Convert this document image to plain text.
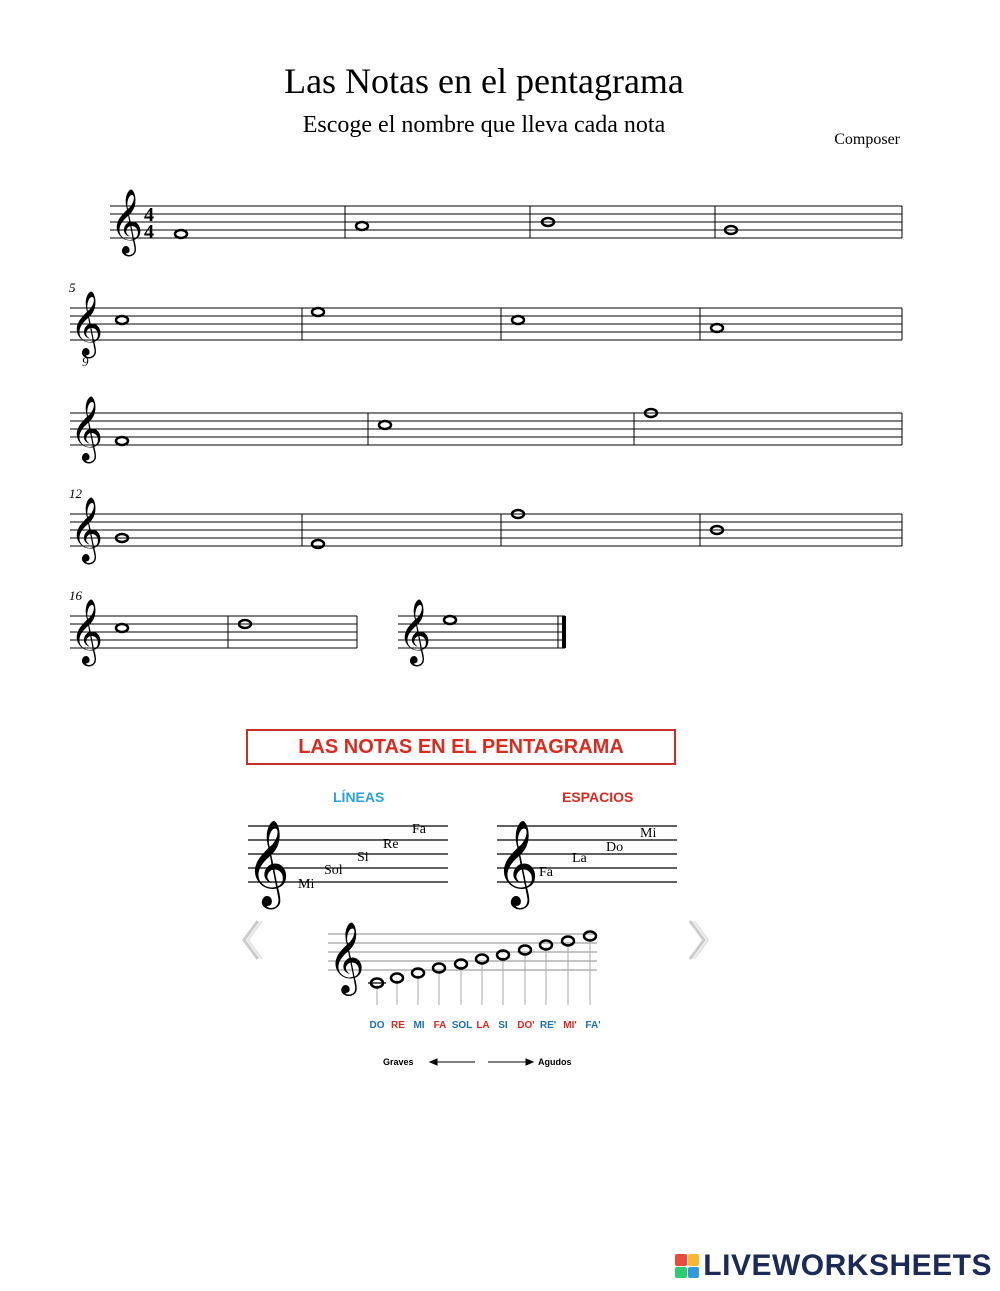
Las Notas en el pentagrama
Escoge el nombre que lleva cada nota
Composer
𝄞 4
4
5
𝄞
9
𝄞
12
𝄞
16
𝄞	𝄞
LAS NOTAS EN EL PENTAGRAMA
LÍNEAS	ESPACIOS
𝄞 Mi
Sol
Si
Re
Fa 𝄞 Fa
La
Do
Mi
𝄞
DO RE MI FA SOL LA SI DO' RE' MI' FA'
Graves	Agudos
LIVEWORKSHEETS
